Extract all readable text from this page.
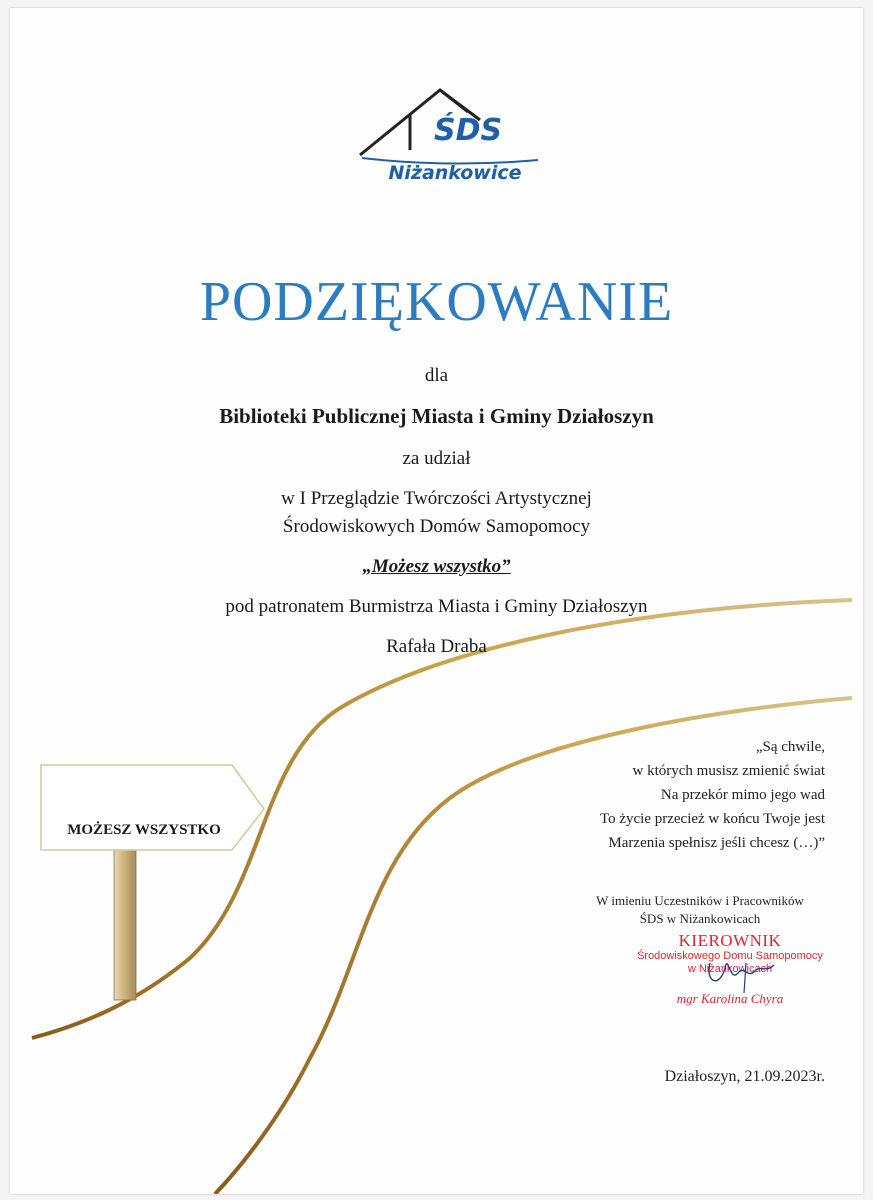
ŚDS
Niżankowice
PODZIĘKOWANIE
dla
Biblioteki Publicznej Miasta i Gminy Działoszyn
za udział
w I Przeglądzie Twórczości Artystycznej
Środowiskowych Domów Samopomocy
„Możesz wszystko”
pod patronatem Burmistrza Miasta i Gminy Działoszyn
Rafała Draba
MOŻESZ WSZYSTKO
„Są chwile,
w których musisz zmienić świat
Na przekór mimo jego wad
To życie przecież w końcu Twoje jest
Marzenia spełnisz jeśli chcesz (…)”
W imieniu Uczestników i Pracowników
ŚDS w Niżankowicach
KIEROWNIK
Środowiskowego Domu Samopomocy
w Niżankowicach
mgr Karolina Chyra
Działoszyn, 21.09.2023r.
